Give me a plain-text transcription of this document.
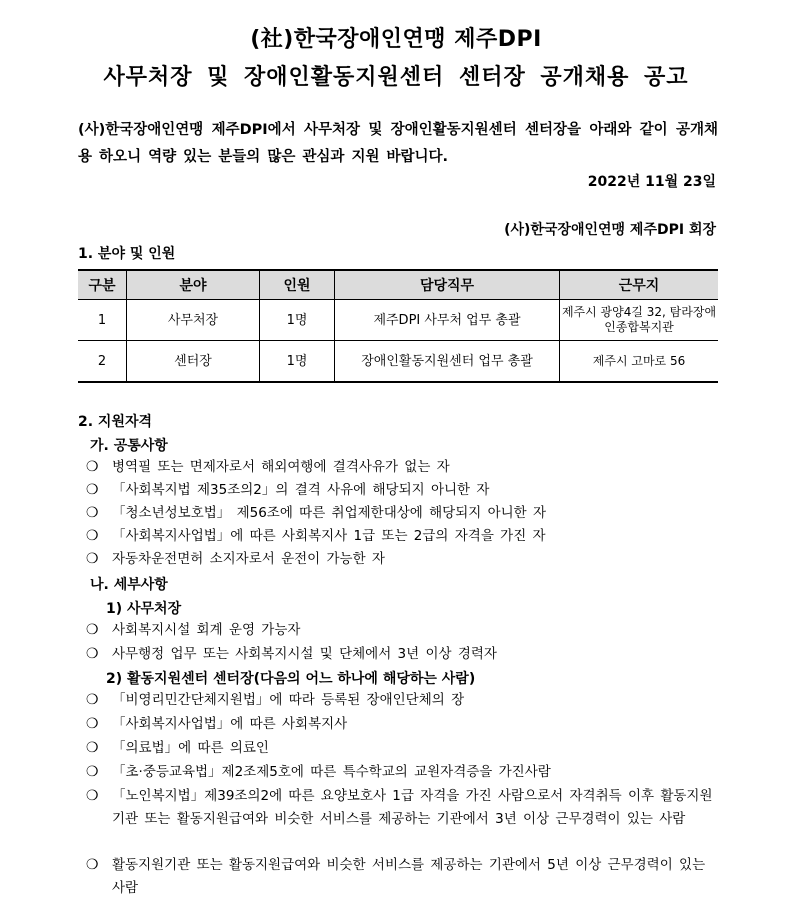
(社)한국장애인연맹 제주DPI
사무처장 및 장애인활동지원센터 센터장 공개채용 공고
(사)한국장애인연맹 제주DPI에서 사무처장 및 장애인활동지원센터 센터장을 아래와 같이 공개채용 하오니 역량 있는 분들의 많은 관심과 지원 바랍니다.
2022년 11월 23일
(사)한국장애인연맹 제주DPI 회장
1. 분야 및 인원
구분	분야	인원	담당직무	근무지
1	사무처장	1명	제주DPI 사무처 업무 총괄	제주시 광양4길 32, 탐라장애인종합복지관
2	센터장	1명	장애인활동지원센터 업무 총괄	제주시 고마로 56
2. 지원자격
가. 공통사항
❍ 병역필 또는 면제자로서 해외여행에 결격사유가 없는 자
❍ 「사회복지법 제35조의2」의 결격 사유에 해당되지 아니한 자
❍ 「청소년성보호법」 제56조에 따른 취업제한대상에 해당되지 아니한 자
❍ 「사회복지사업법」에 따른 사회복지사 1급 또는 2급의 자격을 가진 자
❍ 자동차운전면허 소지자로서 운전이 가능한 자
나. 세부사항
1) 사무처장
❍ 사회복지시설 회계 운영 가능자
❍ 사무행정 업무 또는 사회복지시설 및 단체에서 3년 이상 경력자
2) 활동지원센터 센터장(다음의 어느 하나에 해당하는 사람)
❍ 「비영리민간단체지원법」에 따라 등록된 장애인단체의 장
❍ 「사회복지사업법」에 따른 사회복지사
❍ 「의료법」에 따른 의료인
❍ 「초·중등교육법」제2조제5호에 따른 특수학교의 교원자격증을 가진사람
❍ 「노인복지법」제39조의2에 따른 요양보호사 1급 자격을 가진 사람으로서 자격취득 이후 활동지원기관 또는 활동지원급여와 비슷한 서비스를 제공하는 기관에서 3년 이상 근무경력이 있는 사람
❍ 활동지원기관 또는 활동지원급여와 비슷한 서비스를 제공하는 기관에서 5년 이상 근무경력이 있는 사람
